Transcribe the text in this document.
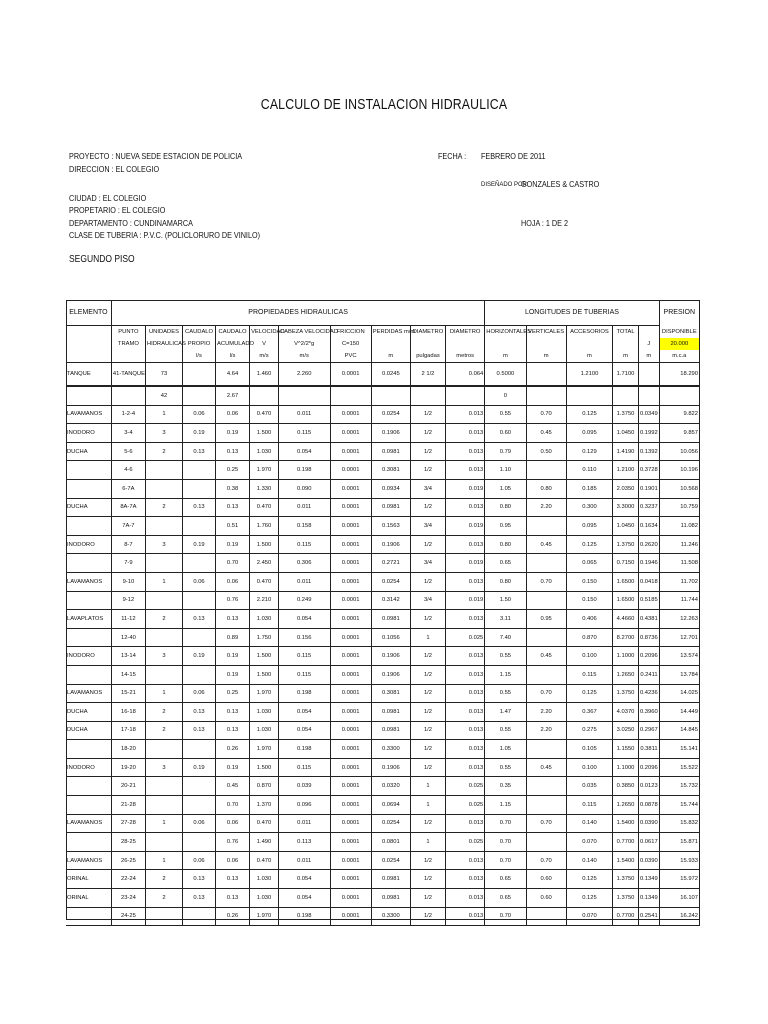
CALCULO DE INSTALACION HIDRAULICA
PROYECTO : NUEVA SEDE ESTACION DE POLICIA
DIRECCION : EL COLEGIO
FECHA : FEBRERO DE 2011
DISEÑADO POR:
GONZALES & CASTRO
CIUDAD : EL COLEGIO
PROPETARIO : EL COLEGIO
DEPARTAMENTO : CUNDINAMARCA	HOJA : 1 DE 2
CLASE DE TUBERIA : P.V.C. (POLICLORURO DE VINILO)
SEGUNDO PISO
ELEMENTO	PROPIEDADES HIDRAULICAS										LONGITUDES DE TUBERIAS					PRESION
	PUNTO	UNIDADES	CAUDALO	CAUDALO	VELOCIDAD	CABEZA VELOCIDAD	FRICCION	PERDIDAS m/m	DIAMETRO	DIAMETRO	HORIZONTALES	VERTICALES	ACCESORIOS	TOTAL		DISPONIBLE
	TRAMO	HIDRAULICAS	PROPIO	ACUMULADO	V	V^2/2*g	C=150								J	20.000
			l/s	l/s	m/s	m/s	PVC	m	pulgadas	metros	m	m	m	m	m	m.c.a
TANQUE	41-TANQUE	73		4.64	1.460	2.260	0.0001	0.0245	2 1/2	0.064	0.5000		1.2100	1.7100		18.290
		42		2.67							0					
LAVAMANOS	1-2-4	1	0.06	0.06	0.470	0.011	0.0001	0.0254	1/2	0.013	0.55	0.70	0.125	1.3750	0.0349	9.822
INODORO	3-4	3	0.19	0.19	1.500	0.115	0.0001	0.1906	1/2	0.013	0.60	0.45	0.095	1.0450	0.1992	9.857
DUCHA	5-6	2	0.13	0.13	1.030	0.054	0.0001	0.0981	1/2	0.013	0.79	0.50	0.129	1.4190	0.1392	10.056
	4-6			0.25	1.970	0.198	0.0001	0.3081	1/2	0.013	1.10		0.110	1.2100	0.3728	10.196
	6-7A			0.38	1.330	0.090	0.0001	0.0934	3/4	0.019	1.05	0.80	0.185	2.0350	0.1901	10.568
DUCHA	8A-7A	2	0.13	0.13	0.470	0.011	0.0001	0.0981	1/2	0.013	0.80	2.20	0.300	3.3000	0.3237	10.759
	7A-7			0.51	1.760	0.158	0.0001	0.1563	3/4	0.019	0.95		0.095	1.0450	0.1634	11.082
INODORO	8-7	3	0.19	0.19	1.500	0.115	0.0001	0.1906	1/2	0.013	0.80	0.45	0.125	1.3750	0.2620	11.246
	7-9			0.70	2.450	0.306	0.0001	0.2721	3/4	0.019	0.65		0.065	0.7150	0.1946	11.508
LAVAMANOS	9-10	1	0.06	0.06	0.470	0.011	0.0001	0.0254	1/2	0.013	0.80	0.70	0.150	1.6500	0.0418	11.702
	9-12			0.76	2.210	0.249	0.0001	0.3142	3/4	0.019	1.50		0.150	1.6500	0.5185	11.744
LAVAPLATOS	11-12	2	0.13	0.13	1.030	0.054	0.0001	0.0981	1/2	0.013	3.11	0.95	0.406	4.4660	0.4381	12.263
	12-40			0.89	1.750	0.156	0.0001	0.1056	1	0.025	7.40		0.870	8.2700	0.8736	12.701
INODORO	13-14	3	0.19	0.19	1.500	0.115	0.0001	0.1906	1/2	0.013	0.55	0.45	0.100	1.1000	0.2096	13.574
	14-15			0.19	1.500	0.115	0.0001	0.1906	1/2	0.013	1.15		0.115	1.2650	0.2411	13.784
LAVAMANOS	15-21	1	0.06	0.25	1.970	0.198	0.0001	0.3081	1/2	0.013	0.55	0.70	0.125	1.3750	0.4236	14.025
DUCHA	16-18	2	0.13	0.13	1.030	0.054	0.0001	0.0981	1/2	0.013	1.47	2.20	0.367	4.0370	0.3960	14.449
DUCHA	17-18	2	0.13	0.13	1.030	0.054	0.0001	0.0981	1/2	0.013	0.55	2.20	0.275	3.0250	0.2967	14.845
	18-20			0.26	1.970	0.198	0.0001	0.3300	1/2	0.013	1.05		0.105	1.1550	0.3811	15.141
INODORO	19-20	3	0.19	0.19	1.500	0.115	0.0001	0.1906	1/2	0.013	0.55	0.45	0.100	1.1000	0.2096	15.522
	20-21			0.45	0.870	0.039	0.0001	0.0320	1	0.025	0.35		0.035	0.3850	0.0123	15.732
	21-28			0.70	1.370	0.096	0.0001	0.0694	1	0.025	1.15		0.115	1.2650	0.0878	15.744
LAVAMANOS	27-28	1	0.06	0.06	0.470	0.011	0.0001	0.0254	1/2	0.013	0.70	0.70	0.140	1.5400	0.0390	15.832
	28-25			0.76	1.490	0.113	0.0001	0.0801	1	0.025	0.70		0.070	0.7700	0.0617	15.871
LAVAMANOS	26-25	1	0.06	0.06	0.470	0.011	0.0001	0.0254	1/2	0.013	0.70	0.70	0.140	1.5400	0.0390	15.933
ORINAL	22-24	2	0.13	0.13	1.030	0.054	0.0001	0.0981	1/2	0.013	0.65	0.60	0.125	1.3750	0.1349	15.972
ORINAL	23-24	2	0.13	0.13	1.030	0.054	0.0001	0.0981	1/2	0.013	0.65	0.60	0.125	1.3750	0.1349	16.107
	24-25			0.26	1.970	0.198	0.0001	0.3300	1/2	0.013	0.70		0.070	0.7700	0.2541	16.242
